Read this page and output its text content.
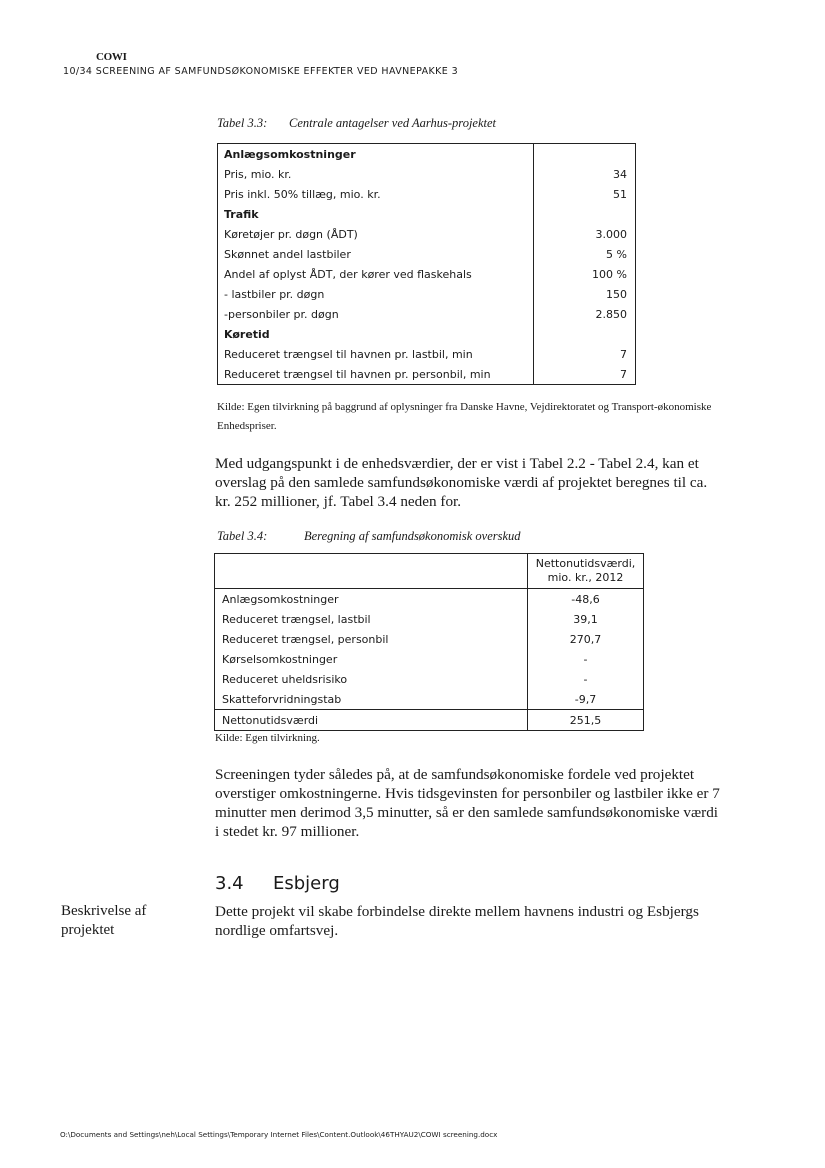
COWI
10/34 SCREENING AF SAMFUNDSØKONOMISKE EFFEKTER VED HAVNEPAKKE 3
Tabel 3.3: Centrale antagelser ved Aarhus-projektet
Anlægsomkostninger	
Pris, mio. kr.	34
Pris inkl. 50% tillæg, mio. kr.	51
Trafik	
Køretøjer pr. døgn (ÅDT)	3.000
Skønnet andel lastbiler	5 %
Andel af oplyst ÅDT, der kører ved flaskehals	100 %
- lastbiler pr. døgn	150
-personbiler pr. døgn	2.850
Køretid	
Reduceret trængsel til havnen pr. lastbil, min	7
Reduceret trængsel til havnen pr. personbil, min	7
Kilde: Egen tilvirkning på baggrund af oplysninger fra Danske Havne, Vejdirektoratet og Transport-økonomiske Enhedspriser.
Med udgangspunkt i de enhedsværdier, der er vist i Tabel 2.2 - Tabel 2.4, kan et overslag på den samlede samfundsøkonomiske værdi af projektet beregnes til ca. kr. 252 millioner, jf. Tabel 3.4 neden for.
Tabel 3.4:	Beregning af samfundsøkonomisk overskud

	Nettonutidsværdi,
mio. kr., 2012

Anlægsomkostninger	-48,6
Reduceret trængsel, lastbil	39,1
Reduceret trængsel, personbil	270,7
Kørselsomkostninger	-
Reduceret uheldsrisiko	-
Skatteforvridningstab	-9,7
Nettonutidsværdi	251,5
Kilde: Egen tilvirkning.
Screeningen tyder således på, at de samfundsøkonomiske fordele ved projektet overstiger omkostningerne. Hvis tidsgevinsten for personbiler og lastbiler ikke er 7 minutter men derimod 3,5 minutter, så er den samlede samfundsøkonomiske værdi i stedet kr. 97 millioner.
3.4 Esbjerg
Beskrivelse af projektet
Dette projekt vil skabe forbindelse direkte mellem havnens industri og Esbjergs nordlige omfartsvej.
O:\Documents and Settings\neh\Local Settings\Temporary Internet Files\Content.Outlook\46THYAU2\COWI screening.docx
